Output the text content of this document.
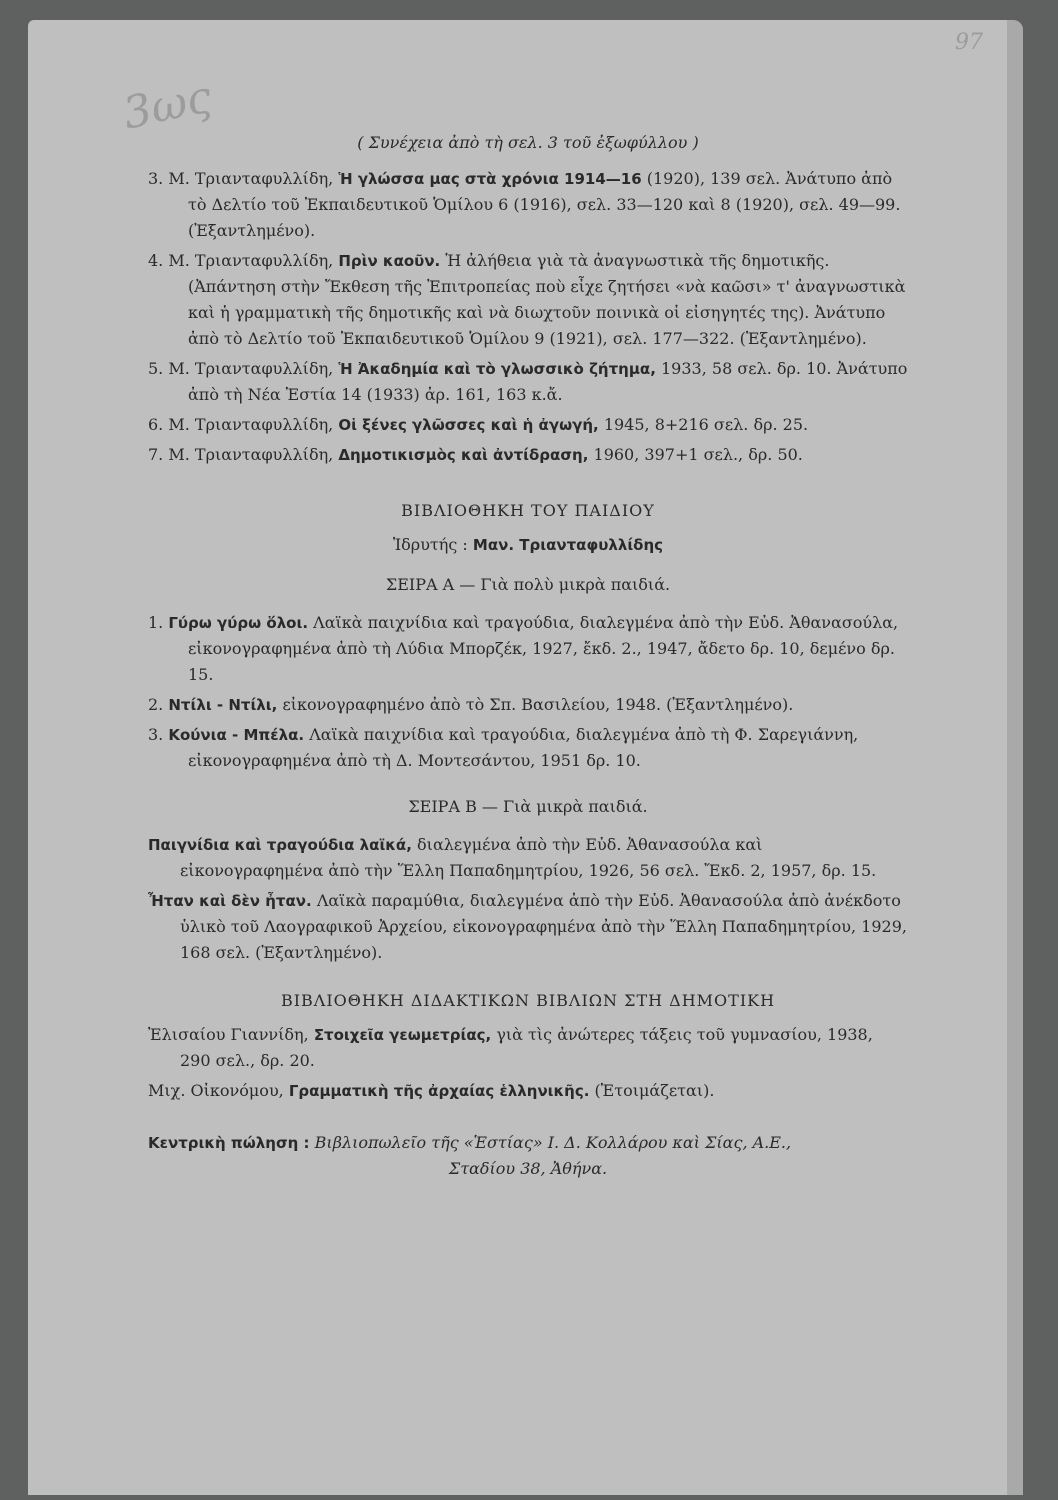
3ως
97

( Συνέχεια ἀπὸ τὴ σελ. 3 τοῦ ἐξωφύλλου )

3. Μ. Τριανταφυλλίδη, Ἡ γλώσσα μας στὰ χρόνια 1914—16 (1920), 139 σελ. Ἀνάτυπο ἀπὸ τὸ Δελτίο τοῦ Ἐκπαιδευτικοῦ Ὁμίλου 6 (1916), σελ. 33—120 καὶ 8 (1920), σελ. 49—99. (Ἐξαντλημένο).

4. Μ. Τριανταφυλλίδη, Πρὶν καοῦν. Ἡ ἀλήθεια γιὰ τὰ ἀναγνωστικὰ τῆς δημοτικῆς. (Ἀπάντηση στὴν Ἔκθεση τῆς Ἐπιτροπείας ποὺ εἶχε ζητήσει «νὰ καῶσι» τ' ἀναγνωστικὰ καὶ ἡ γραμματικὴ τῆς δημοτικῆς καὶ νὰ διωχτοῦν ποινικὰ οἱ εἰσηγητές της). Ἀνάτυπο ἀπὸ τὸ Δελτίο τοῦ Ἐκπαιδευτικοῦ Ὁμίλου 9 (1921), σελ. 177—322. (Ἐξαντλημένο).

5. Μ. Τριανταφυλλίδη, Ἡ Ἀκαδημία καὶ τὸ γλωσσικὸ ζήτημα, 1933, 58 σελ. δρ. 10. Ἀνάτυπο ἀπὸ τὴ Νέα Ἑστία 14 (1933) ἀρ. 161, 163 κ.ἄ.

6. Μ. Τριανταφυλλίδη, Οἱ ξένες γλῶσσες καὶ ἡ ἀγωγή, 1945, 8+216 σελ. δρ. 25.

7. Μ. Τριανταφυλλίδη, Δημοτικισμὸς καὶ ἀντίδραση, 1960, 397+1 σελ., δρ. 50.

ΒΙΒΛΙΟΘΗΚΗ ΤΟΥ ΠΑΙΔΙΟΥ

Ἱδρυτής : Μαν. Τριανταφυλλίδης

ΣΕΙΡΑ Α — Γιὰ πολὺ μικρὰ παιδιά.

1. Γύρω γύρω ὅλοι. Λαϊκὰ παιχνίδια καὶ τραγούδια, διαλεγμένα ἀπὸ τὴν Εὐδ. Ἀθανασούλα, εἰκονογραφημένα ἀπὸ τὴ Λύδια Μπορζέκ, 1927, ἔκδ. 2., 1947, ἄδετο δρ. 10, δεμένο δρ. 15.

2. Ντίλι - Ντίλι, εἰκονογραφημένο ἀπὸ τὸ Σπ. Βασιλείου, 1948. (Ἐξαντλημένο).

3. Κούνια - Μπέλα. Λαϊκὰ παιχνίδια καὶ τραγούδια, διαλεγμένα ἀπὸ τὴ Φ. Σαρεγιάννη, εἰκονογραφημένα ἀπὸ τὴ Δ. Μοντεσάντου, 1951 δρ. 10.

ΣΕΙΡΑ Β — Γιὰ μικρὰ παιδιά.

Παιγνίδια καὶ τραγούδια λαϊκά, διαλεγμένα ἀπὸ τὴν Εὐδ. Ἀθανασούλα καὶ εἰκονογραφημένα ἀπὸ τὴν Ἕλλη Παπαδημητρίου, 1926, 56 σελ. Ἔκδ. 2, 1957, δρ. 15.

Ἦταν καὶ δὲν ἦταν. Λαϊκὰ παραμύθια, διαλεγμένα ἀπὸ τὴν Εὐδ. Ἀθανασούλα ἀπὸ ἀνέκδοτο ὑλικὸ τοῦ Λαογραφικοῦ Ἀρχείου, εἰκονογραφημένα ἀπὸ τὴν Ἕλλη Παπαδημητρίου, 1929, 168 σελ. (Ἐξαντλημένο).

ΒΙΒΛΙΟΘΗΚΗ ΔΙΔΑΚΤΙΚΩΝ ΒΙΒΛΙΩΝ ΣΤΗ ΔΗΜΟΤΙΚΗ

Ἐλισαίου Γιαννίδη, Στοιχεῖα γεωμετρίας, γιὰ τὶς ἀνώτερες τάξεις τοῦ γυμνασίου, 1938, 290 σελ., δρ. 20.

Μιχ. Οἰκονόμου, Γραμματικὴ τῆς ἀρχαίας ἑλληνικῆς. (Ἑτοιμάζεται).

Κεντρικὴ πώληση : Βιβλιοπωλεῖο τῆς «Ἑστίας» Ι. Δ. Κολλάρου καὶ Σίας, Α.Ε.,

Σταδίου 38, Ἀθήνα.
